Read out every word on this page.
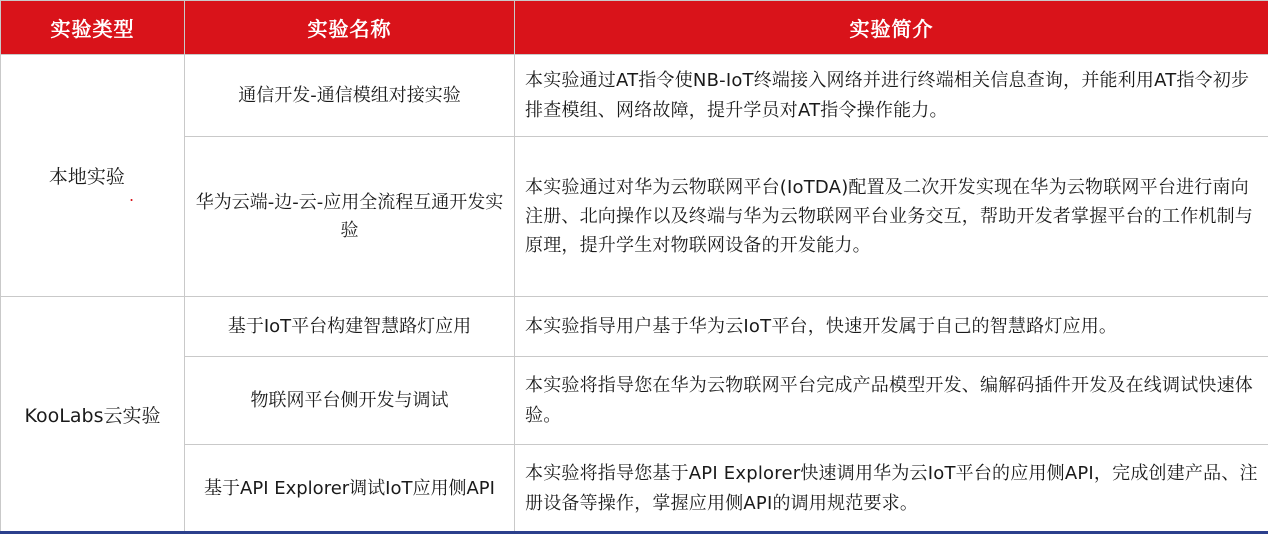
实验类型	实验名称	实验简介
本地实验 .	通信开发-通信模组对接实验	本实验通过AT指令使NB-IoT终端接入网络并进行终端相关信息查询，并能利用AT指令初步排查模组、网络故障，提升学员对AT指令操作能力。
	华为云端-边-云-应用全流程互通开发实验	本实验通过对华为云物联网平台(IoTDA)配置及二次开发实现在华为云物联网平台进行南向注册、北向操作以及终端与华为云物联网平台业务交互，帮助开发者掌握平台的工作机制与原理，提升学生对物联网设备的开发能力。
KooLabs云实验	基于IoT平台构建智慧路灯应用	本实验指导用户基于华为云IoT平台，快速开发属于自己的智慧路灯应用。
	物联网平台侧开发与调试	本实验将指导您在华为云物联网平台完成产品模型开发、编解码插件开发及在线调试快速体验。
	基于API Explorer调试IoT应用侧API	本实验将指导您基于API Explorer快速调用华为云IoT平台的应用侧API，完成创建产品、注册设备等操作，掌握应用侧API的调用规范要求。
